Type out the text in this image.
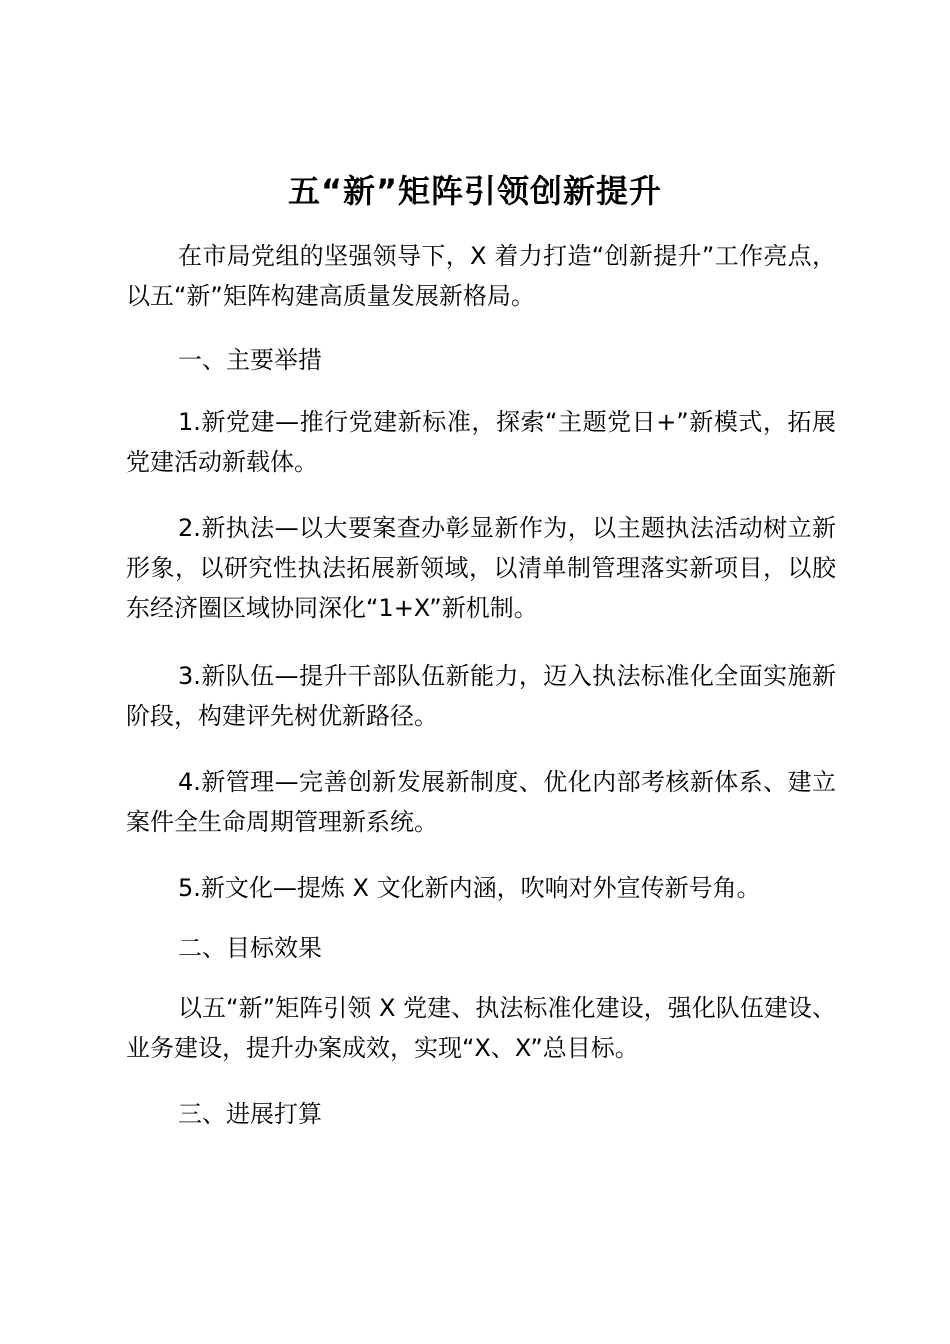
五“新”矩阵引领创新提升

在市局党组的坚强领导下，X 着力打造“创新提升”工作亮点，以五“新”矩阵构建高质量发展新格局。

一、主要举措

1.新党建—推行党建新标准，探索“主题党日+”新模式，拓展党建活动新载体。

2.新执法—以大要案查办彰显新作为，以主题执法活动树立新形象，以研究性执法拓展新领域，以清单制管理落实新项目，以胶东经济圈区域协同深化“1+X”新机制。

3.新队伍—提升干部队伍新能力，迈入执法标准化全面实施新阶段，构建评先树优新路径。

4.新管理—完善创新发展新制度、优化内部考核新体系、建立案件全生命周期管理新系统。

5.新文化—提炼 X 文化新内涵，吹响对外宣传新号角。

二、目标效果

以五“新”矩阵引领 X 党建、执法标准化建设，强化队伍建设、业务建设，提升办案成效，实现“X、X”总目标。

三、进展打算
